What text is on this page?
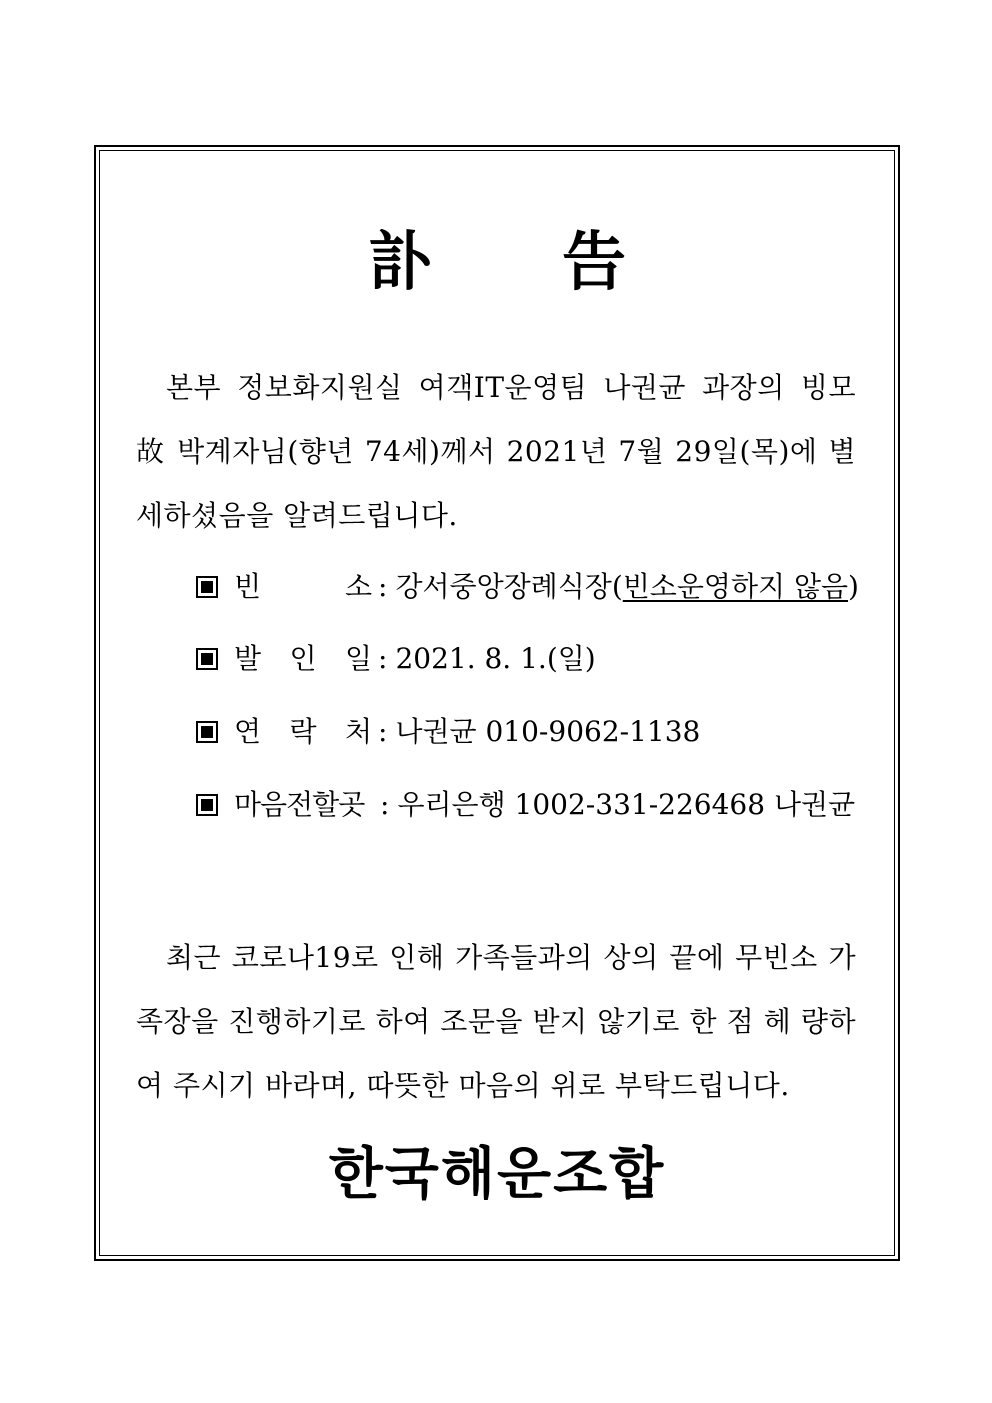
訃 告
본부 정보화지원실 여객IT운영팀 나권균 과장의 빙모 故 박계자님(향년 74세)께서 2021년 7월 29일(목)에 별세하셨음을 알려드립니다.
빈 소 : 강서중앙장례식장(빈소운영하지 않음)
발 인 일 : 2021. 8. 1.(일)
연 락 처 : 나권균 010-9062-1138
마음전할곳 : 우리은행 1002-331-226468 나권균
최근 코로나19로 인해 가족들과의 상의 끝에 무빈소 가족장을 진행하기로 하여 조문을 받지 않기로 한 점 헤 량하여 주시기 바라며, 따뜻한 마음의 위로 부탁드립니다.
한국해운조합
